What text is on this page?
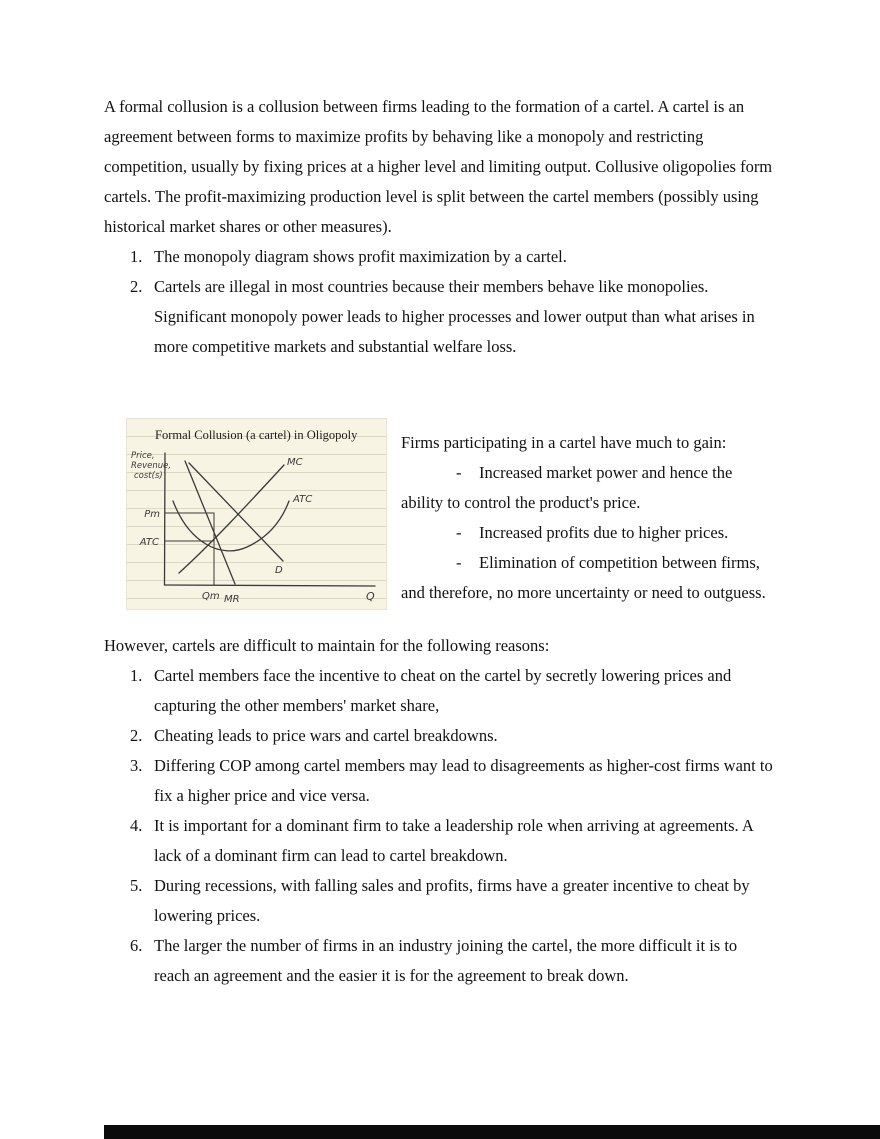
A formal collusion is a collusion between firms leading to the formation of a cartel. A cartel is an agreement between forms to maximize profits by behaving like a monopoly and restricting competition, usually by fixing prices at a higher level and limiting output. Collusive oligopolies form cartels. The profit-maximizing production level is split between the cartel members (possibly using historical market shares or other measures).

1. The monopoly diagram shows profit maximization by a cartel.

2. Cartels are illegal in most countries because their members behave like monopolies. Significant monopoly power leads to higher processes and lower output than what arises in more competitive markets and substantial welfare loss.

Formal Collusion (a cartel) in Oligopoly
Price,
Revenue,
cost(s)
MC
ATC
Pm
ATC
D
Qm MR	Q

Firms participating in a cartel have much to gain:

- Increased market power and hence the ability to control the product's price.

- Increased profits due to higher prices.

- Elimination of competition between firms, and therefore, no more uncertainty or need to outguess.

However, cartels are difficult to maintain for the following reasons:

1. Cartel members face the incentive to cheat on the cartel by secretly lowering prices and capturing the other members' market share,

2. Cheating leads to price wars and cartel breakdowns.

3. Differing COP among cartel members may lead to disagreements as higher-cost firms want to fix a higher price and vice versa.

4. It is important for a dominant firm to take a leadership role when arriving at agreements. A lack of a dominant firm can lead to cartel breakdown.

5. During recessions, with falling sales and profits, firms have a greater incentive to cheat by lowering prices.

6. The larger the number of firms in an industry joining the cartel, the more difficult it is to reach an agreement and the easier it is for the agreement to break down.
